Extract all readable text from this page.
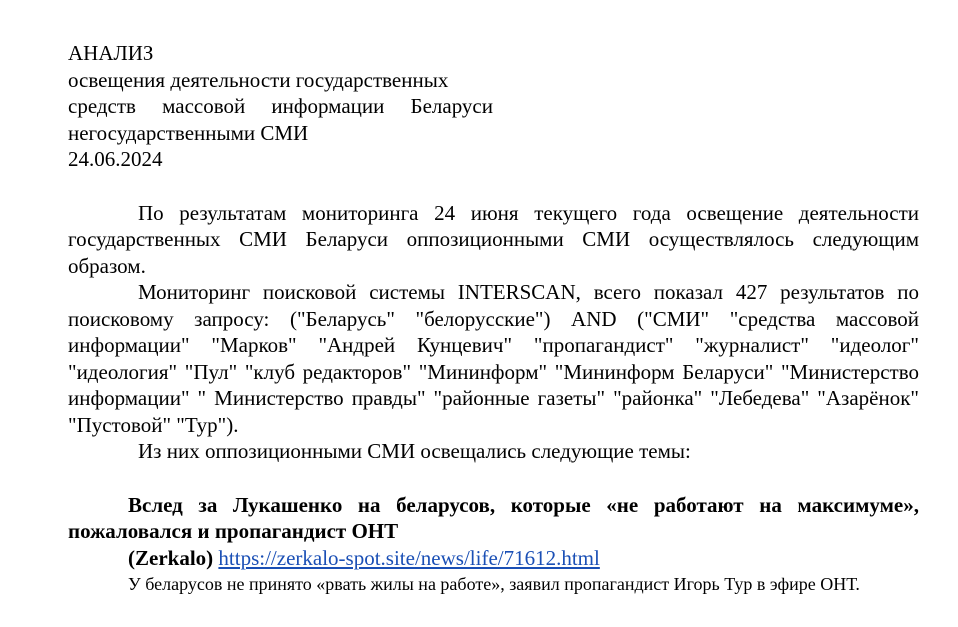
АНАЛИЗ
освещения деятельности государственных
средств массовой информации Беларуси
негосударственными СМИ
24.06.2024

По результатам мониторинга 24 июня текущего года освещение деятельности государственных СМИ Беларуси оппозиционными СМИ осуществлялось следующим образом.

Мониторинг поисковой системы INTERSCAN, всего показал 427 результатов по поисковому запросу: ("Беларусь" "белорусские") AND ("СМИ" "средства массовой информации" "Марков" "Андрей Кунцевич" "пропагандист" "журналист" "идеолог" "идеология" "Пул" "клуб редакторов" "Мининформ" "Мининформ Беларуси" "Министерство информации" " Министерство правды" "районные газеты" "районка" "Лебедева" "Азарёнок" "Пустовой" "Тур").

Из них оппозиционными СМИ освещались следующие темы:

Вслед за Лукашенко на беларусов, которые «не работают на максимуме», пожаловался и пропагандист ОНТ

(Zerkalo) https://zerkalo-spot.site/news/life/71612.html

У беларусов не принято «рвать жилы на работе», заявил пропагандист Игорь Тур в эфире ОНТ.
